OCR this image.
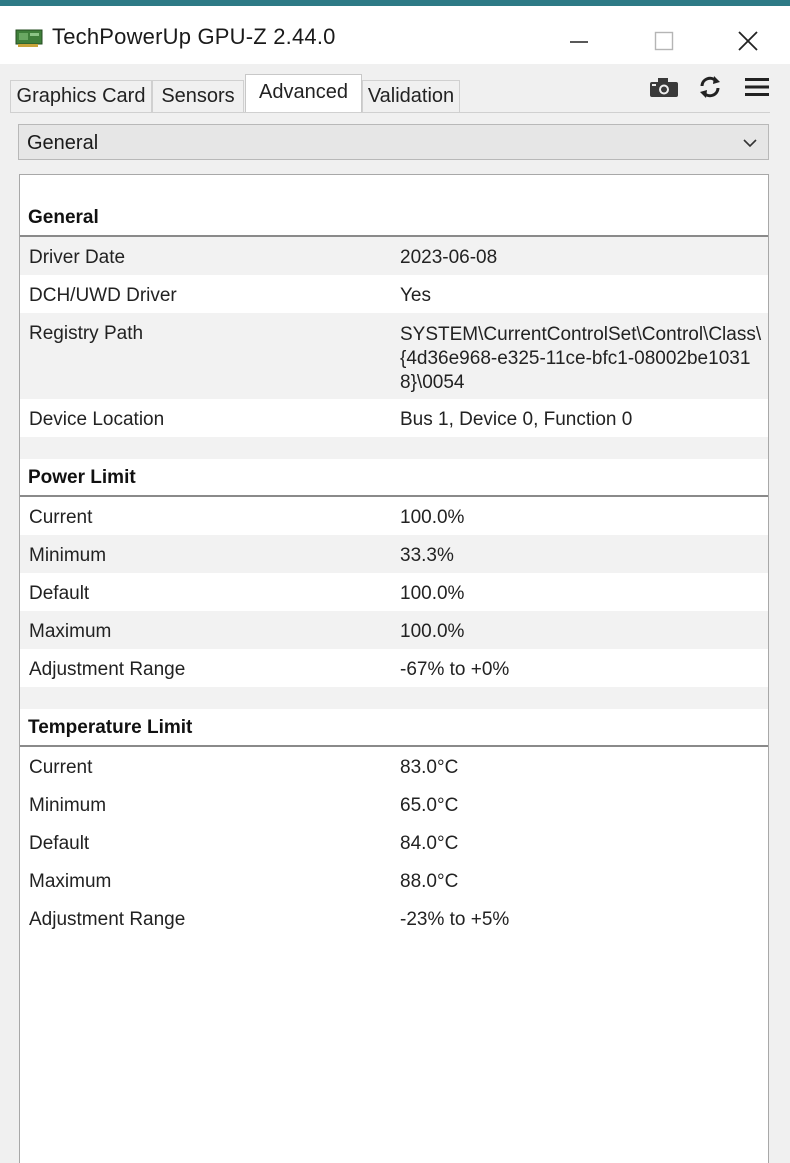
TechPowerUp GPU-Z 2.44.0
Graphics Card Sensors	Advanced Validation
General
General
Driver Date	2023-06-08
DCH/UWD Driver	Yes
Registry Path	SYSTEM\CurrentControlSet\Control\Class\{4d36e968-e325-11ce-bfc1-08002be10318}\0054
Device Location	Bus 1, Device 0, Function 0
Power Limit
Current	100.0%
Minimum	33.3%
Default	100.0%
Maximum	100.0%
Adjustment Range	-67% to +0%
Temperature Limit
Current	83.0°C
Minimum	65.0°C
Default	84.0°C
Maximum	88.0°C
Adjustment Range	-23% to +5%
